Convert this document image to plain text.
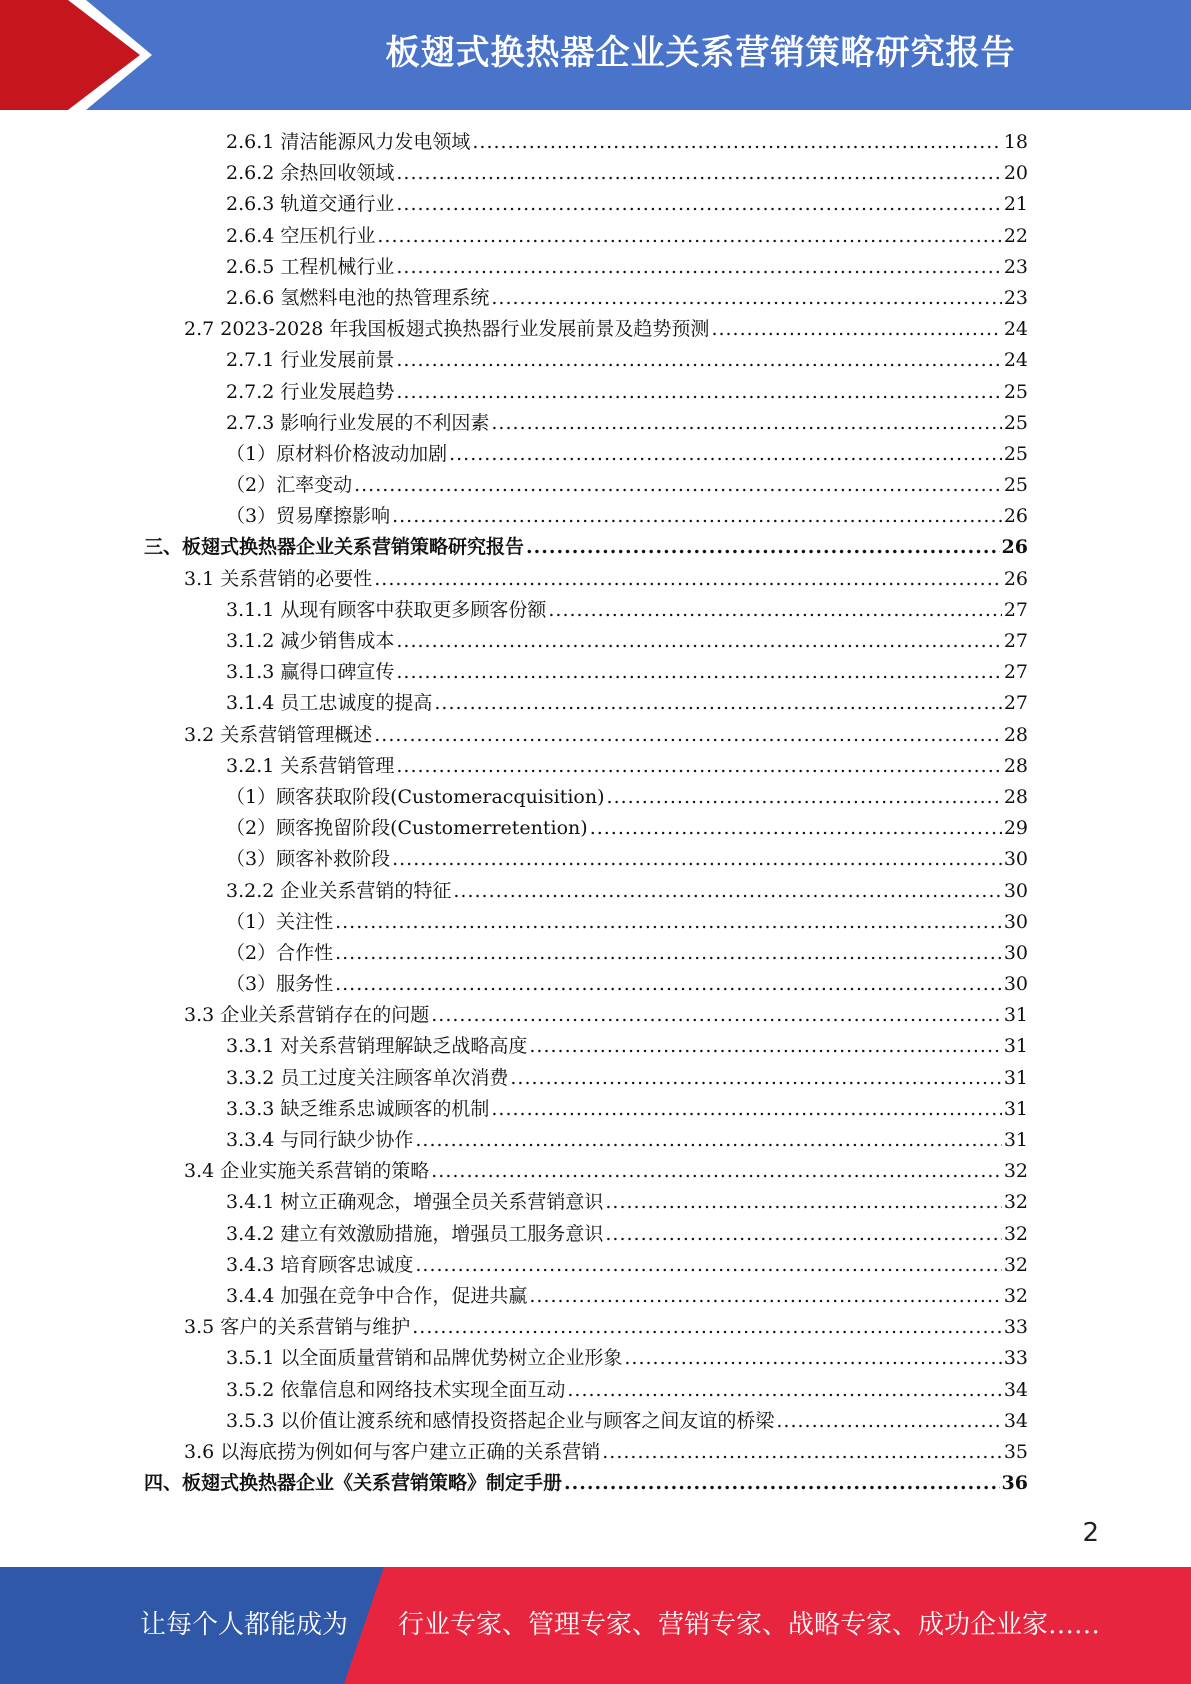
板翅式换热器企业关系营销策略研究报告
2.6.1 清洁能源风力发电领域 .....	18
2.6.2 余热回收领域 .....	20
2.6.3 轨道交通行业 .....	21
2.6.4 空压机行业 .....	22
2.6.5 工程机械行业 .....	23
2.6.6 氢燃料电池的热管理系统 .....	23
2.7 2023-2028 年我国板翅式换热器行业发展前景及趋势预测 .....	24
2.7.1 行业发展前景 .....	24
2.7.2 行业发展趋势 .....	25
2.7.3 影响行业发展的不利因素 .....	25
（1）原材料价格波动加剧 .....	25
（2）汇率变动 .....	25
（3）贸易摩擦影响 .....	26
三、板翅式换热器企业关系营销策略研究报告 .....	26
3.1 关系营销的必要性 .....	26
3.1.1 从现有顾客中获取更多顾客份额 .....	27
3.1.2 减少销售成本 .....	27
3.1.3 赢得口碑宣传 .....	27
3.1.4 员工忠诚度的提高 .....	27
3.2 关系营销管理概述 .....	28
3.2.1 关系营销管理 .....	28
（1）顾客获取阶段(Customeracquisition) .....	28
（2）顾客挽留阶段(Customerretention) .....	29
（3）顾客补救阶段 .....	30
3.2.2 企业关系营销的特征 .....	30
（1）关注性 .....	30
（2）合作性 .....	30
（3）服务性 .....	30
3.3 企业关系营销存在的问题 .....	31
3.3.1 对关系营销理解缺乏战略高度 .....	31
3.3.2 员工过度关注顾客单次消费 .....	31
3.3.3 缺乏维系忠诚顾客的机制 .....	31
3.3.4 与同行缺少协作 .....	31
3.4 企业实施关系营销的策略 .....	32
3.4.1 树立正确观念，增强全员关系营销意识 .....	32
3.4.2 建立有效激励措施，增强员工服务意识 .....	32
3.4.3 培育顾客忠诚度 .....	32
3.4.4 加强在竞争中合作，促进共赢 .....	32
3.5 客户的关系营销与维护 .....	33
3.5.1 以全面质量营销和品牌优势树立企业形象 .....	33
3.5.2 依靠信息和网络技术实现全面互动 .....	34
3.5.3 以价值让渡系统和感情投资搭起企业与顾客之间友谊的桥梁 .....	34
3.6 以海底捞为例如何与客户建立正确的关系营销 .....	35
四、板翅式换热器企业《关系营销策略》制定手册 .....	36
2
让每个人都能成为 行业专家、管理专家、营销专家、战略专家、成功企业家……
